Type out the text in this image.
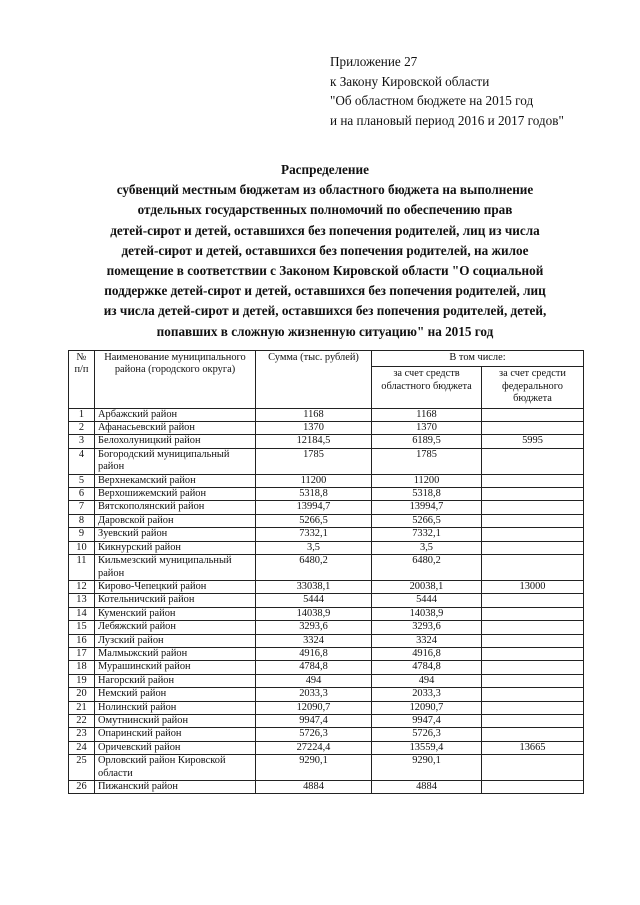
Приложение 27
к Закону Кировской области
"Об областном бюджете на 2015 год
и на плановый период 2016 и 2017 годов"
Распределение
субвенций местным бюджетам из областного бюджета на выполнение
отдельных государственных полномочий по обеспечению прав
детей-сирот и детей, оставшихся без попечения родителей, лиц из числа
детей-сирот и детей, оставшихся без попечения родителей, на жилое
помещение в соответствии с Законом Кировской области "О социальной
поддержке детей-сирот и детей, оставшихся без попечения родителей, лиц
из числа детей-сирот и детей, оставшихся без попечения родителей, детей,
попавших в сложную жизненную ситуацию" на 2015 год
№ п/п	Наименование муниципального района (городского округа)	Сумма (тыс. рублей)	В том числе:	
			за счет средств областного бюджета	за счет средсти федерального бюджета
1	Арбажский район	1168	1168	
2	Афанасьевский район	1370	1370	
3	Белохолуницкий район	12184,5	6189,5	5995
4	Богородский муниципальный район	1785	1785	
5	Верхнекамский район	11200	11200	
6	Верхошижемский район	5318,8	5318,8	
7	Вятскополянский район	13994,7	13994,7	
8	Даровской район	5266,5	5266,5	
9	Зуевский район	7332,1	7332,1	
10	Кикнурский район	3,5	3,5	
11	Кильмезский муниципальный район	6480,2	6480,2	
12	Кирово-Чепецкий район	33038,1	20038,1	13000
13	Котельничский район	5444	5444	
14	Куменский район	14038,9	14038,9	
15	Лебяжский район	3293,6	3293,6	
16	Лузский район	3324	3324	
17	Малмыжский район	4916,8	4916,8	
18	Мурашинский район	4784,8	4784,8	
19	Нагорский район	494	494	
20	Немский район	2033,3	2033,3	
21	Нолинский район	12090,7	12090,7	
22	Омутнинский район	9947,4	9947,4	
23	Опаринский район	5726,3	5726,3	
24	Оричевский район	27224,4	13559,4	13665
25	Орловский район Кировской области	9290,1	9290,1	
26	Пижанский район	4884	4884	
